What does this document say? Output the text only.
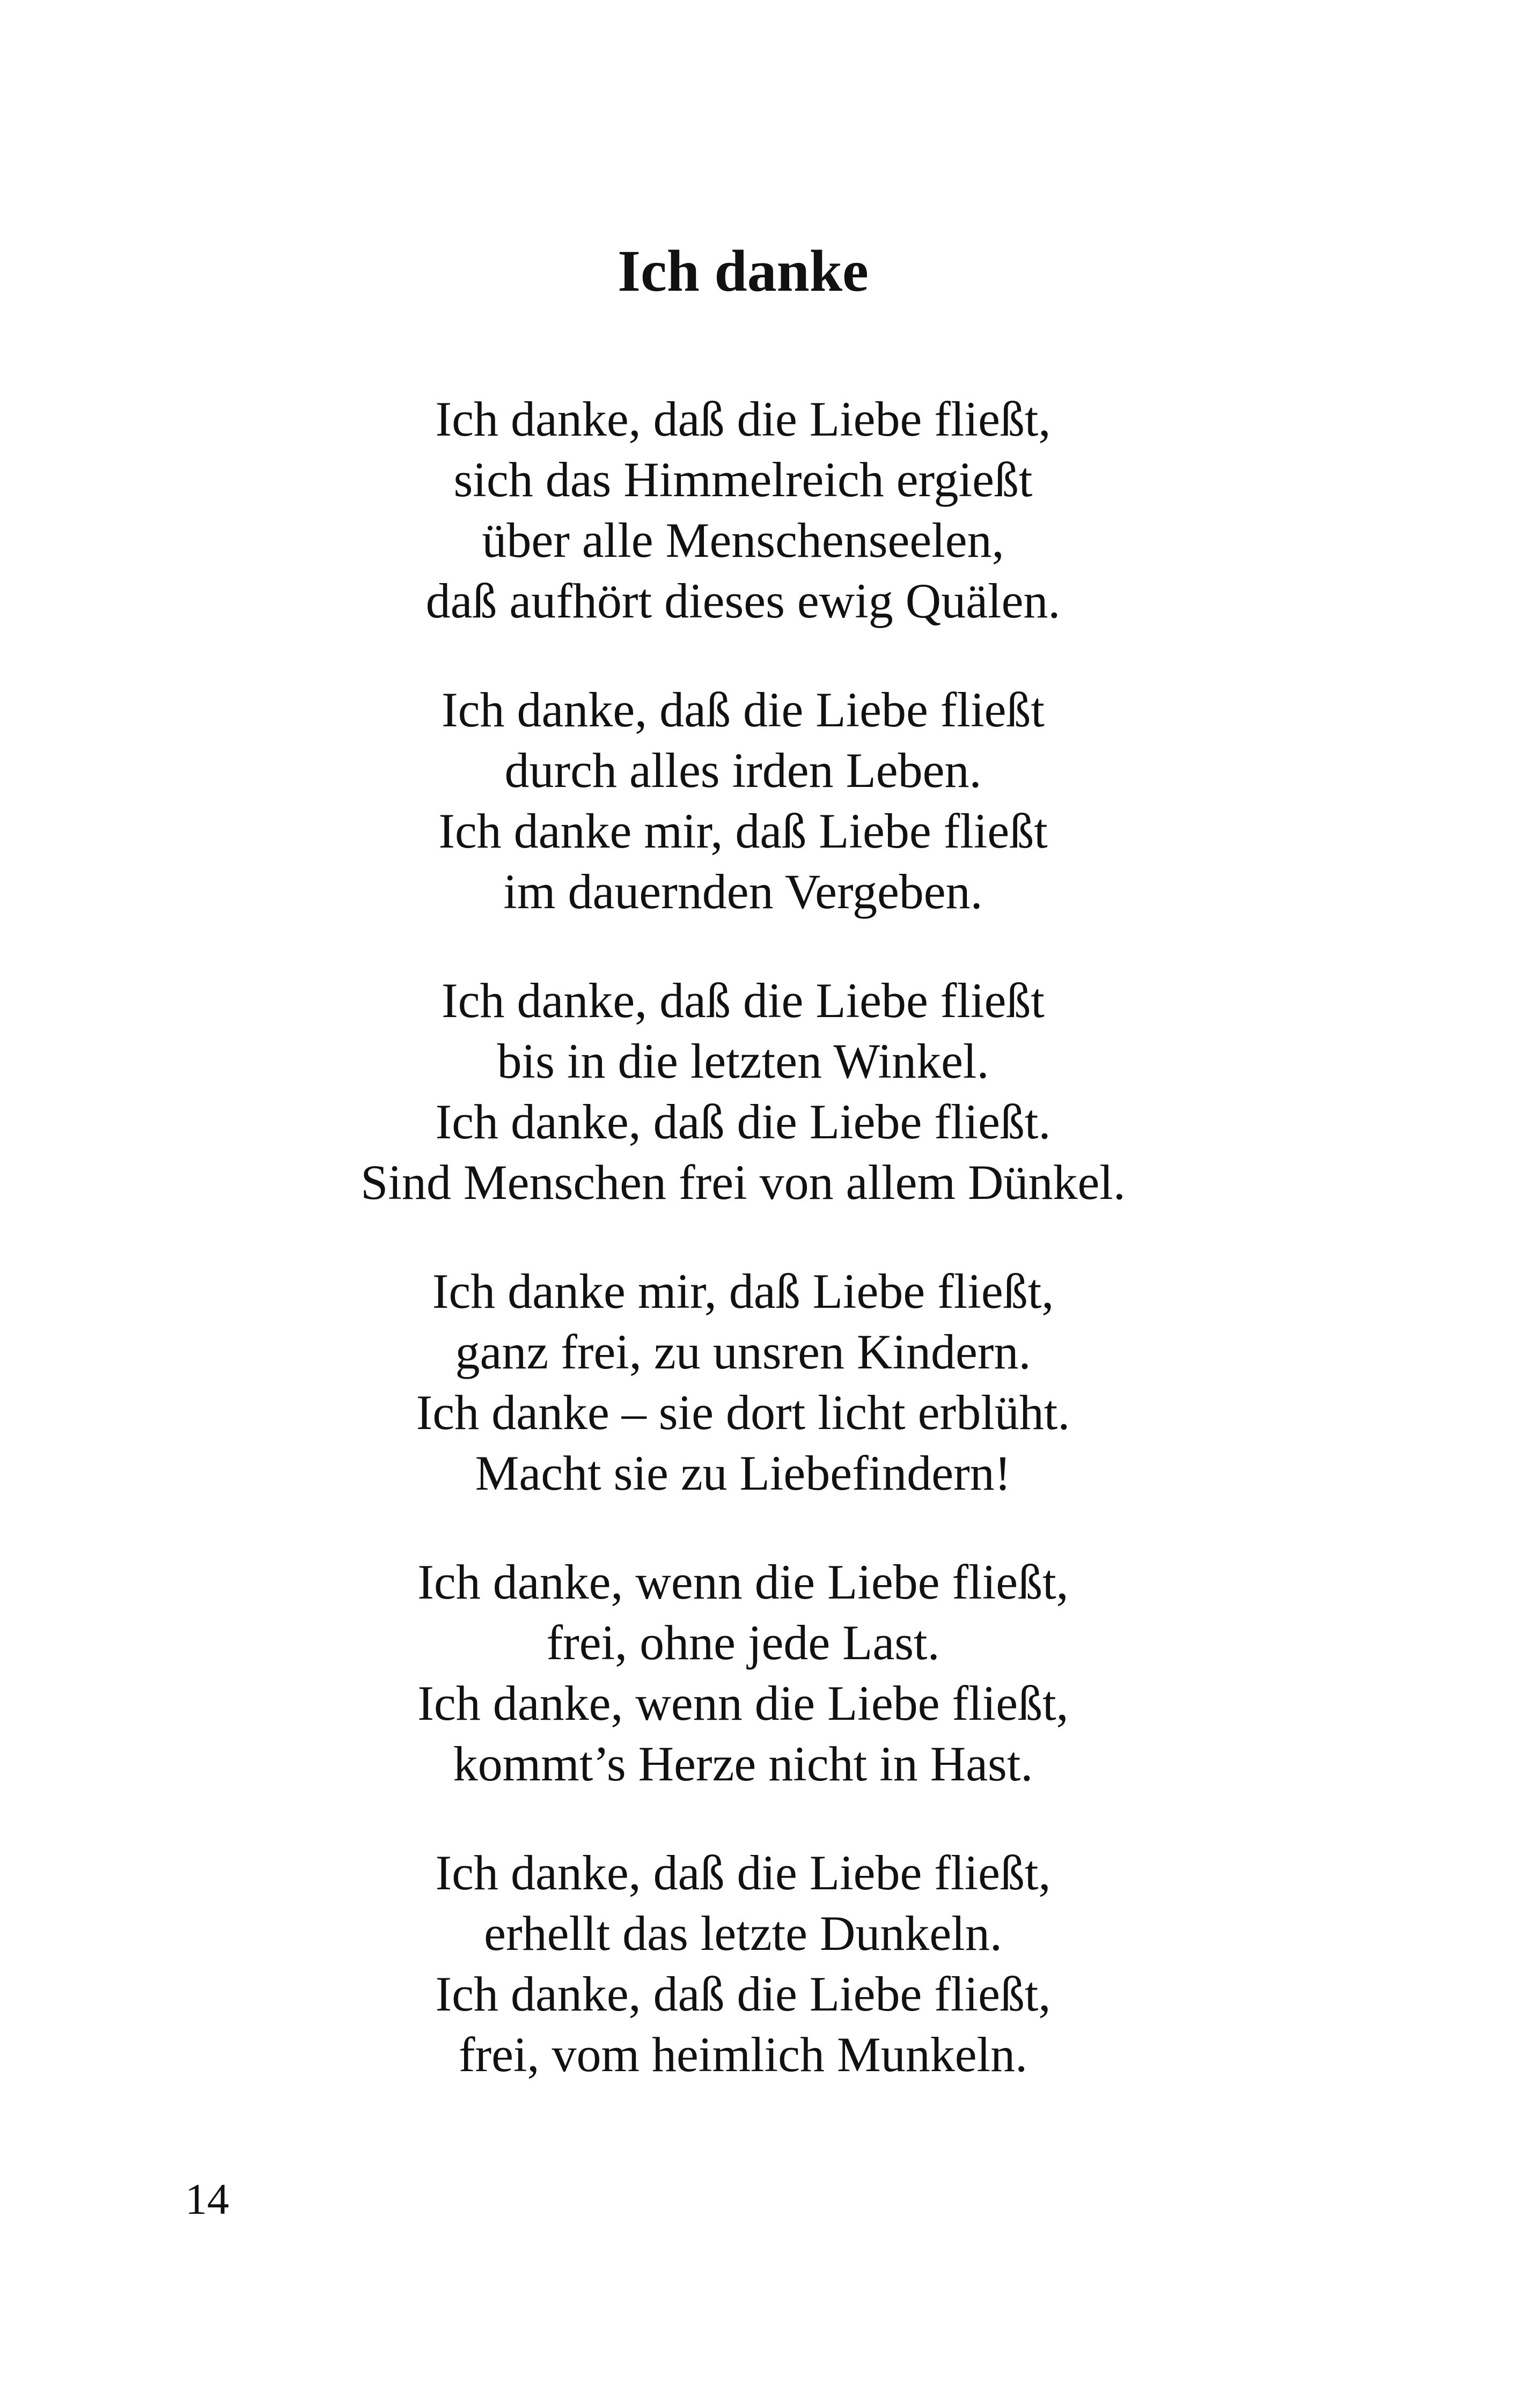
Ich danke
Ich danke, daß die Liebe fließt,
sich das Himmelreich ergießt
über alle Menschenseelen,
daß aufhört dieses ewig Quälen.
Ich danke, daß die Liebe fließt
durch alles irden Leben.
Ich danke mir, daß Liebe fließt
im dauernden Vergeben.
Ich danke, daß die Liebe fließt
bis in die letzten Winkel.
Ich danke, daß die Liebe fließt.
Sind Menschen frei von allem Dünkel.
Ich danke mir, daß Liebe fließt,
ganz frei, zu unsren Kindern.
Ich danke – sie dort licht erblüht.
Macht sie zu Liebefindern!
Ich danke, wenn die Liebe fließt,
frei, ohne jede Last.
Ich danke, wenn die Liebe fließt,
kommt’s Herze nicht in Hast.
Ich danke, daß die Liebe fließt,
erhellt das letzte Dunkeln.
Ich danke, daß die Liebe fließt,
frei, vom heimlich Munkeln.
14
